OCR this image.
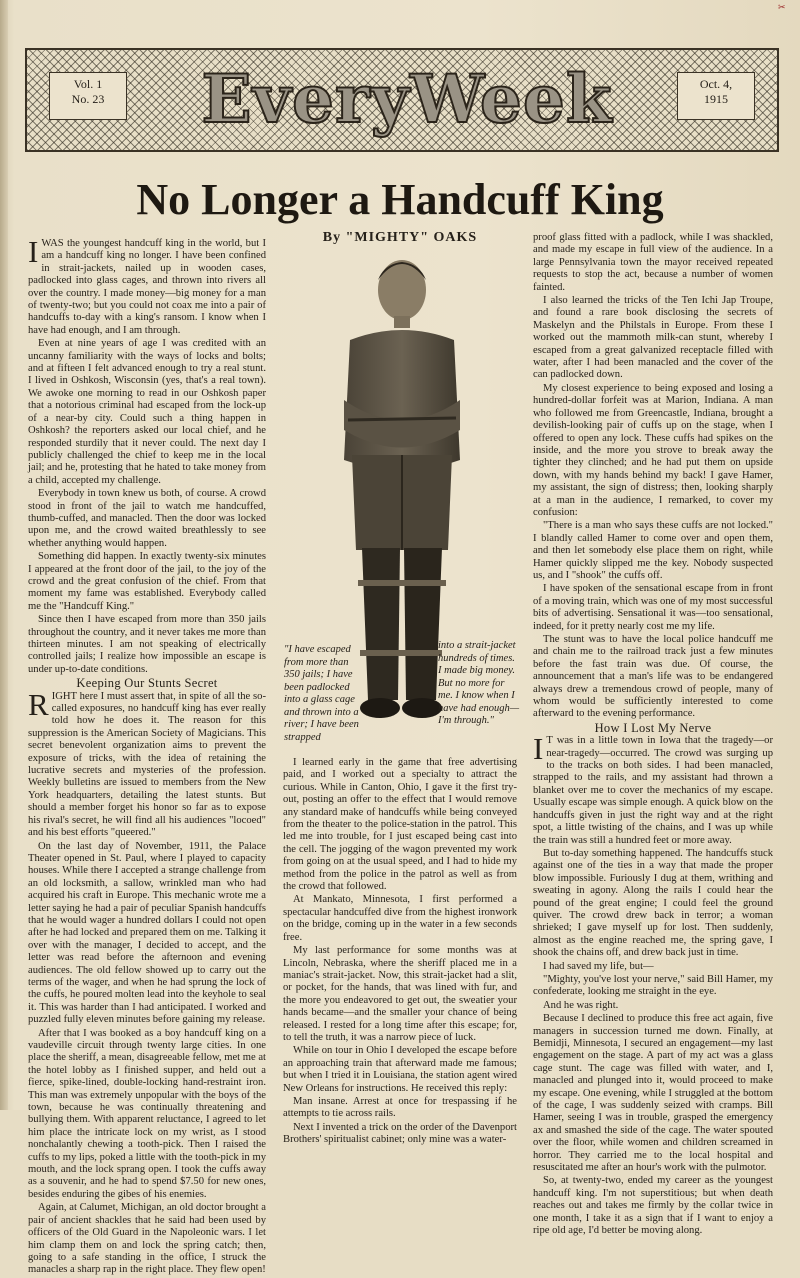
✂
Vol. 1
No. 23	EveryWeek	Oct. 4,
1915
No Longer a Handcuff King
By "MIGHTY" OAKS

IWAS the youngest handcuff king in the world, but I am a handcuff king no longer. I have been confined in strait-jackets, nailed up in wooden cases, padlocked into glass cages, and thrown into rivers all over the country. I made money—big money for a man of twenty-two; but you could not coax me into a pair of handcuffs to-day with a king's ransom. I know when I have had enough, and I am through.

Even at nine years of age I was credited with an uncanny familiarity with the ways of locks and bolts; and at fifteen I felt advanced enough to try a real stunt. I lived in Oshkosh, Wisconsin (yes, that's a real town). We awoke one morning to read in our Oshkosh paper that a notorious criminal had escaped from the lock-up of a near-by city. Could such a thing happen in Oshkosh? the reporters asked our local chief, and he responded sturdily that it never could. The next day I publicly challenged the chief to keep me in the local jail; and he, protesting that he hated to take money from a child, accepted my challenge.

Everybody in town knew us both, of course. A crowd stood in front of the jail to watch me handcuffed, thumb-cuffed, and manacled. Then the door was locked upon me, and the crowd waited breathlessly to see whether anything would happen.

Something did happen. In exactly twenty-six minutes I appeared at the front door of the jail, to the joy of the crowd and the great confusion of the chief. From that moment my fame was established. Everybody called me the "Handcuff King."

Since then I have escaped from more than 350 jails throughout the country, and it never takes me more than thirteen minutes. I am not speaking of electrically controlled jails; I realize how impossible an escape is under up-to-date conditions.

Keeping Our Stunts Secret

RIGHT here I must assert that, in spite of all the so-called exposures, no handcuff king has ever really told how he does it. The reason for this suppression is the American Society of Magicians. This secret benevolent organization aims to prevent the exposure of tricks, with the idea of retaining the lucrative secrets and mysteries of the profession. Weekly bulletins are issued to members from the New York headquarters, detailing the latest stunts. But should a member forget his honor so far as to expose his rival's secret, he will find all his audiences "locoed" and his best efforts "queered."

On the last day of November, 1911, the Palace Theater opened in St. Paul, where I played to capacity houses. While there I accepted a strange challenge from an old locksmith, a sallow, wrinkled man who had acquired his craft in Europe. This mechanic wrote me a letter saying he had a pair of peculiar Spanish handcuffs that he would wager a hundred dollars I could not open after he had locked and prepared them on me. Talking it over with the manager, I decided to accept, and the letter was read before the afternoon and evening audiences. The old fellow showed up to carry out the terms of the wager, and when he had sprung the lock of the cuffs, he poured molten lead into the keyhole to seal it. This was harder than I had anticipated. I worked and puzzled fully eleven minutes before gaining my release.

After that I was booked as a boy handcuff king on a vaudeville circuit through twenty large cities. In one place the sheriff, a mean, disagreeable fellow, met me at the hotel lobby as I finished supper, and held out a fierce, spike-lined, double-locking hand-restraint iron. This man was extremely unpopular with the boys of the town, because he was continually threatening and bullying them. With apparent reluctance, I agreed to let him place the intricate lock on my wrist, as I stood nonchalantly chewing a tooth-pick. Then I raised the cuffs to my lips, poked a little with the tooth-pick in my mouth, and the lock sprang open. I took the cuffs away as a souvenir, and he had to spend $7.50 for new ones, besides enduring the gibes of his enemies.

Again, at Calumet, Michigan, an old doctor brought a pair of ancient shackles that he said had been used by officers of the Old Guard in the Napoleonic wars. I let him clamp them on and lock the spring catch; then, going to a safe standing in the office, I struck the manacles a sharp rap in the right place. They flew open!

"I have escaped from more than 350 jails; I have been padlocked into a glass cage and thrown into a river; I have been strapped
into a strait-jacket hundreds of times. I made big money. But no more for me. I know when I have had enough—I'm through."

I learned early in the game that free advertising paid, and I worked out a specialty to attract the curious. While in Canton, Ohio, I gave it the first try-out, posting an offer to the effect that I would remove any standard make of handcuffs while being conveyed from the theater to the police-station in the patrol. This led me into trouble, for I just escaped being cast into the cell. The jogging of the wagon prevented my work from going on at the usual speed, and I had to hide my method from the police in the patrol as well as from the crowd that followed.

At Mankato, Minnesota, I first performed a spectacular handcuffed dive from the highest ironwork on the bridge, coming up in the water in a few seconds free.

My last performance for some months was at Lincoln, Nebraska, where the sheriff placed me in a maniac's strait-jacket. Now, this strait-jacket had a slit, or pocket, for the hands, that was lined with fur, and the more you endeavored to get out, the sweatier your hands became—and the smaller your chance of being released. I rested for a long time after this escape; for, to tell the truth, it was a narrow piece of luck.

While on tour in Ohio I developed the escape before an approaching train that afterward made me famous; but when I tried it in Louisiana, the station agent wired New Orleans for instructions. He received this reply:

Man insane. Arrest at once for trespassing if he attempts to tie across rails.

Next I invented a trick on the order of the Davenport Brothers' spiritualist cabinet; only mine was a water-

proof glass fitted with a padlock, while I was shackled, and made my escape in full view of the audience. In a large Pennsylvania town the mayor received repeated requests to stop the act, because a number of women fainted.

I also learned the tricks of the Ten Ichi Jap Troupe, and found a rare book disclosing the secrets of Maskelyn and the Philstals in Europe. From these I worked out the mammoth milk-can stunt, whereby I escaped from a great galvanized receptacle filled with water, after I had been manacled and the cover of the can padlocked down.

My closest experience to being exposed and losing a hundred-dollar forfeit was at Marion, Indiana. A man who followed me from Greencastle, Indiana, brought a devilish-looking pair of cuffs up on the stage, when I offered to open any lock. These cuffs had spikes on the inside, and the more you strove to break away the tighter they clinched; and he had put them on upside down, with my hands behind my back! I gave Hamer, my assistant, the sign of distress; then, looking sharply at a man in the audience, I remarked, to cover my confusion:

"There is a man who says these cuffs are not locked." I blandly called Hamer to come over and open them, and then let somebody else place them on right, while Hamer quickly slipped me the key. Nobody suspected us, and I "shook" the cuffs off.

I have spoken of the sensational escape from in front of a moving train, which was one of my most successful bits of advertising. Sensational it was—too sensational, indeed, for it pretty nearly cost me my life.

The stunt was to have the local police handcuff me and chain me to the railroad track just a few minutes before the fast train was due. Of course, the announcement that a man's life was to be endangered always drew a tremendous crowd of people, many of whom would be sufficiently interested to come afterward to the evening performance.

How I Lost My Nerve

I T was in a little town in Iowa that the tragedy—or near-tragedy—occurred. The crowd was surging up to the tracks on both sides. I had been manacled, strapped to the rails, and my assistant had thrown a blanket over me to cover the mechanics of my escape. Usually escape was simple enough. A quick blow on the handcuffs given in just the right way and at the right spot, a little twisting of the chains, and I was up while the train was still a hundred feet or more away.

But to-day something happened. The handcuffs stuck against one of the ties in a way that made the proper blow impossible. Furiously I dug at them, writhing and sweating in agony. Along the rails I could hear the pound of the great engine; I could feel the ground quiver. The crowd drew back in terror; a woman shrieked; I gave myself up for lost. Then suddenly, almost as the engine reached me, the spring gave, I shook the chains off, and drew back just in time.

I had saved my life, but—

"Mighty, you've lost your nerve," said Bill Hamer, my confederate, looking me straight in the eye.

And he was right.

Because I declined to produce this free act again, five managers in succession turned me down. Finally, at Bemidji, Minnesota, I secured an engagement—my last engagement on the stage. A part of my act was a glass cage stunt. The cage was filled with water, and I, manacled and plunged into it, would proceed to make my escape. One evening, while I struggled at the bottom of the cage, I was suddenly seized with cramps. Bill Hamer, seeing I was in trouble, grasped the emergency ax and smashed the side of the cage. The water spouted over the floor, while women and children screamed in horror. They carried me to the local hospital and resuscitated me after an hour's work with the pulmotor.

So, at twenty-two, ended my career as the youngest handcuff king. I'm not superstitious; but when death reaches out and takes me firmly by the collar twice in one month, I take it as a sign that if I want to enjoy a ripe old age, I'd better be moving along.
